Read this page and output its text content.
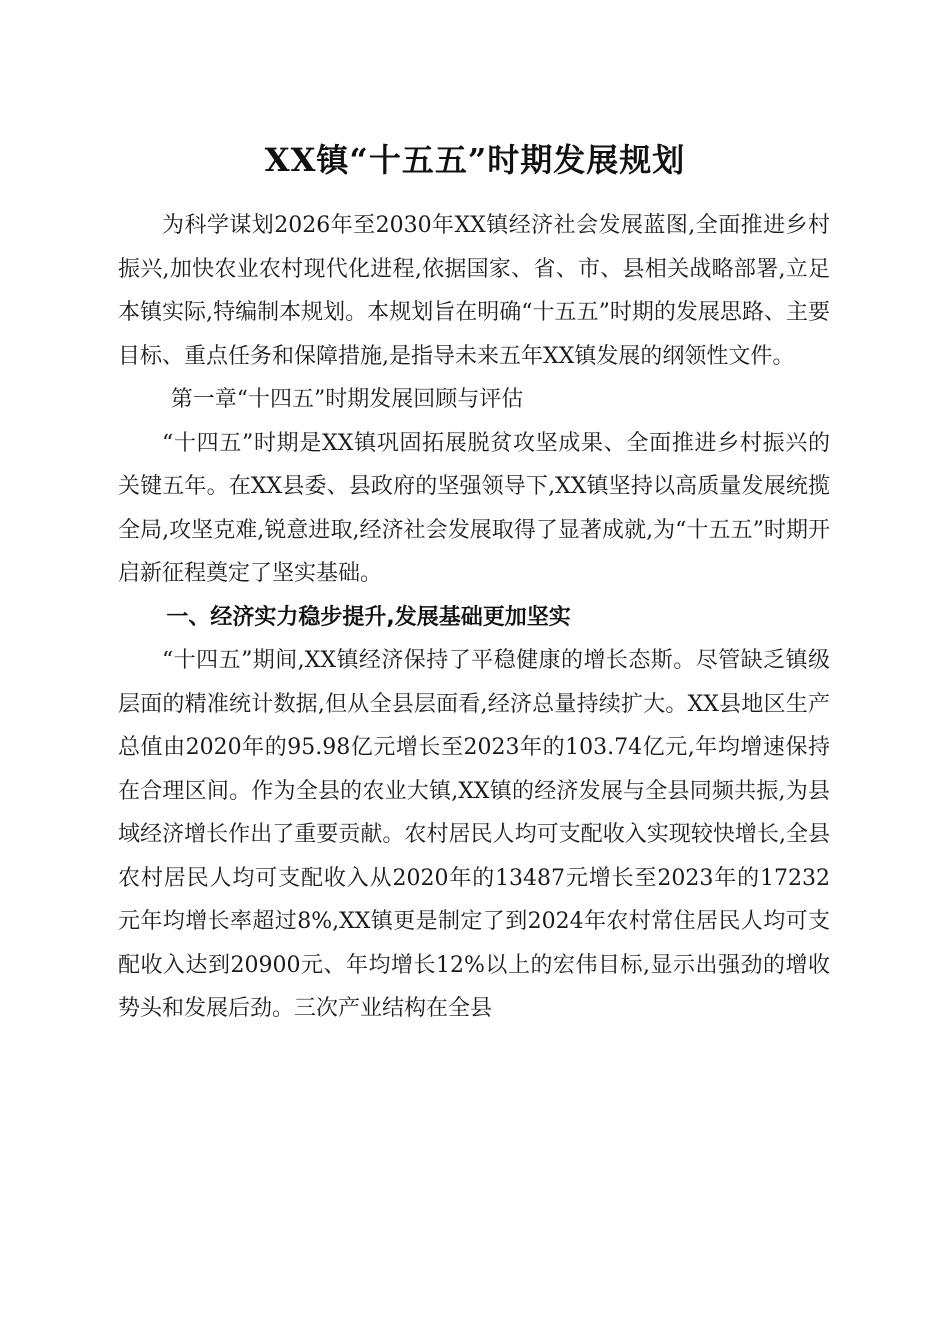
XX镇“十五五”时期发展规划

为科学谋划2026年至2030年XX镇经济社会发展蓝图,全面推进乡村振兴,加快农业农村现代化进程,依据国家、省、市、县相关战略部署,立足本镇实际,特编制本规划。本规划旨在明确“十五五”时期的发展思路、主要目标、重点任务和保障措施,是指导未来五年XX镇发展的纲领性文件。

第一章“十四五”时期发展回顾与评估

“十四五”时期是XX镇巩固拓展脱贫攻坚成果、全面推进乡村振兴的关键五年。在XX县委、县政府的坚强领导下,XX镇坚持以高质量发展统揽全局,攻坚克难,锐意进取,经济社会发展取得了显著成就,为“十五五”时期开启新征程奠定了坚实基础。

一、经济实力稳步提升,发展基础更加坚实

“十四五”期间,XX镇经济保持了平稳健康的增长态斯。尽管缺乏镇级层面的精准统计数据,但从全县层面看,经济总量持续扩大。XX县地区生产总值由2020年的95.98亿元增长至2023年的103.74亿元,年均增速保持在合理区间。作为全县的农业大镇,XX镇的经济发展与全县同频共振,为县域经济增长作出了重要贡献。农村居民人均可支配收入实现较快增长,全县农村居民人均可支配收入从2020年的13487元增长至2023年的17232元年均增长率超过8%,XX镇更是制定了到2024年农村常住居民人均可支配收入达到20900元、年均增长12%以上的宏伟目标,显示出强劲的增收势头和发展后劲。三次产业结构在全县
